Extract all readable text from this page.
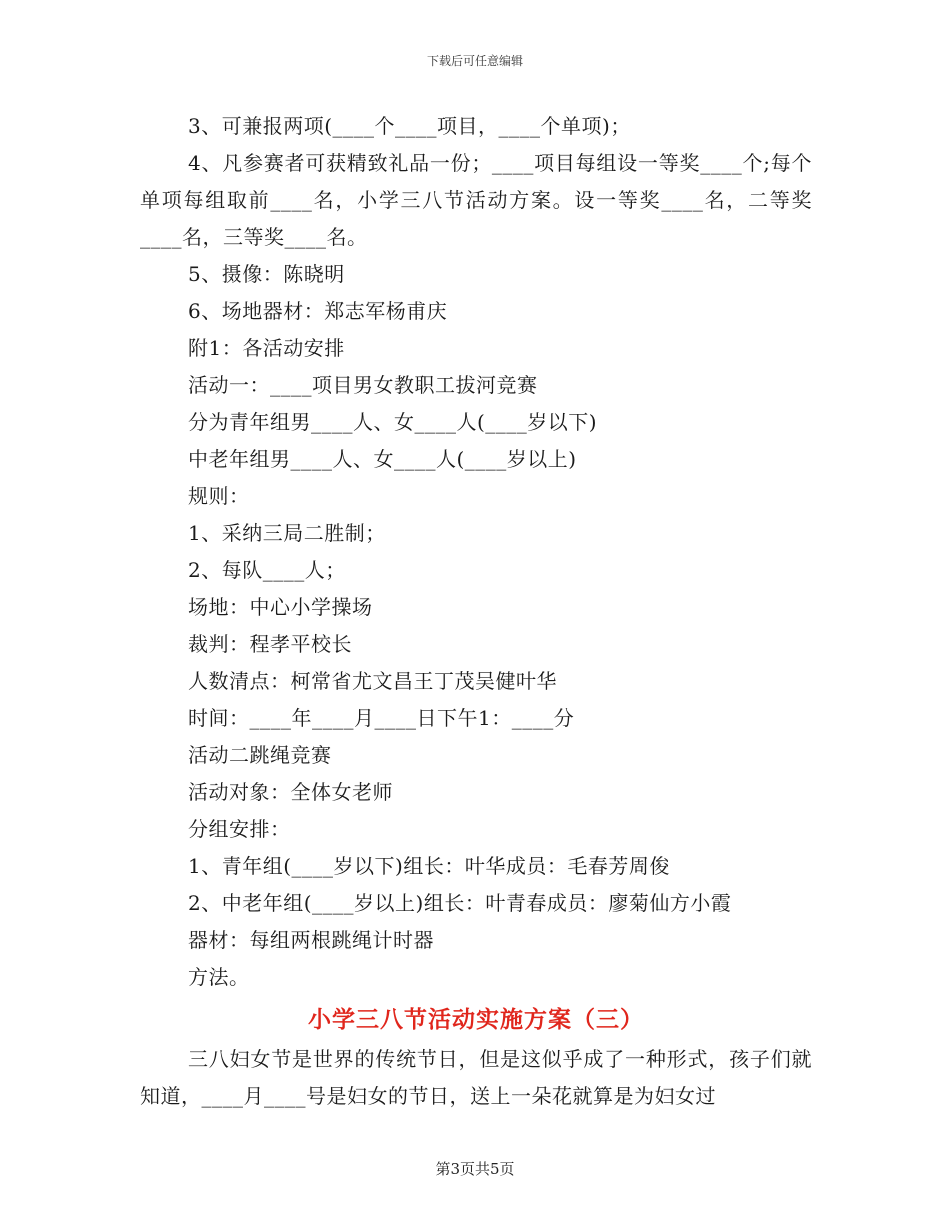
下载后可任意编辑

3、可兼报两项(____个____项目，____个单项)；

4、凡参赛者可获精致礼品一份；____项目每组设一等奖____个;每个单项每组取前____名，小学三八节活动方案。设一等奖____名，二等奖____名，三等奖____名。

5、摄像：陈晓明

6、场地器材：郑志军杨甫庆

附1：各活动安排

活动一：____项目男女教职工拔河竞赛

分为青年组男____人、女____人(____岁以下)

中老年组男____人、女____人(____岁以上)

规则：

1、采纳三局二胜制；

2、每队____人；

场地：中心小学操场

裁判：程孝平校长

人数清点：柯常省尤文昌王丁茂吴健叶华

时间：____年____月____日下午1：____分

活动二跳绳竞赛

活动对象：全体女老师

分组安排：

1、青年组(____岁以下)组长：叶华成员：毛春芳周俊

2、中老年组(____岁以上)组长：叶青春成员：廖菊仙方小霞

器材：每组两根跳绳计时器

方法。

小学三八节活动实施方案（三）

三八妇女节是世界的传统节日，但是这似乎成了一种形式，孩子们就知道，____月____号是妇女的节日，送上一朵花就算是为妇女过

第3页共5页
